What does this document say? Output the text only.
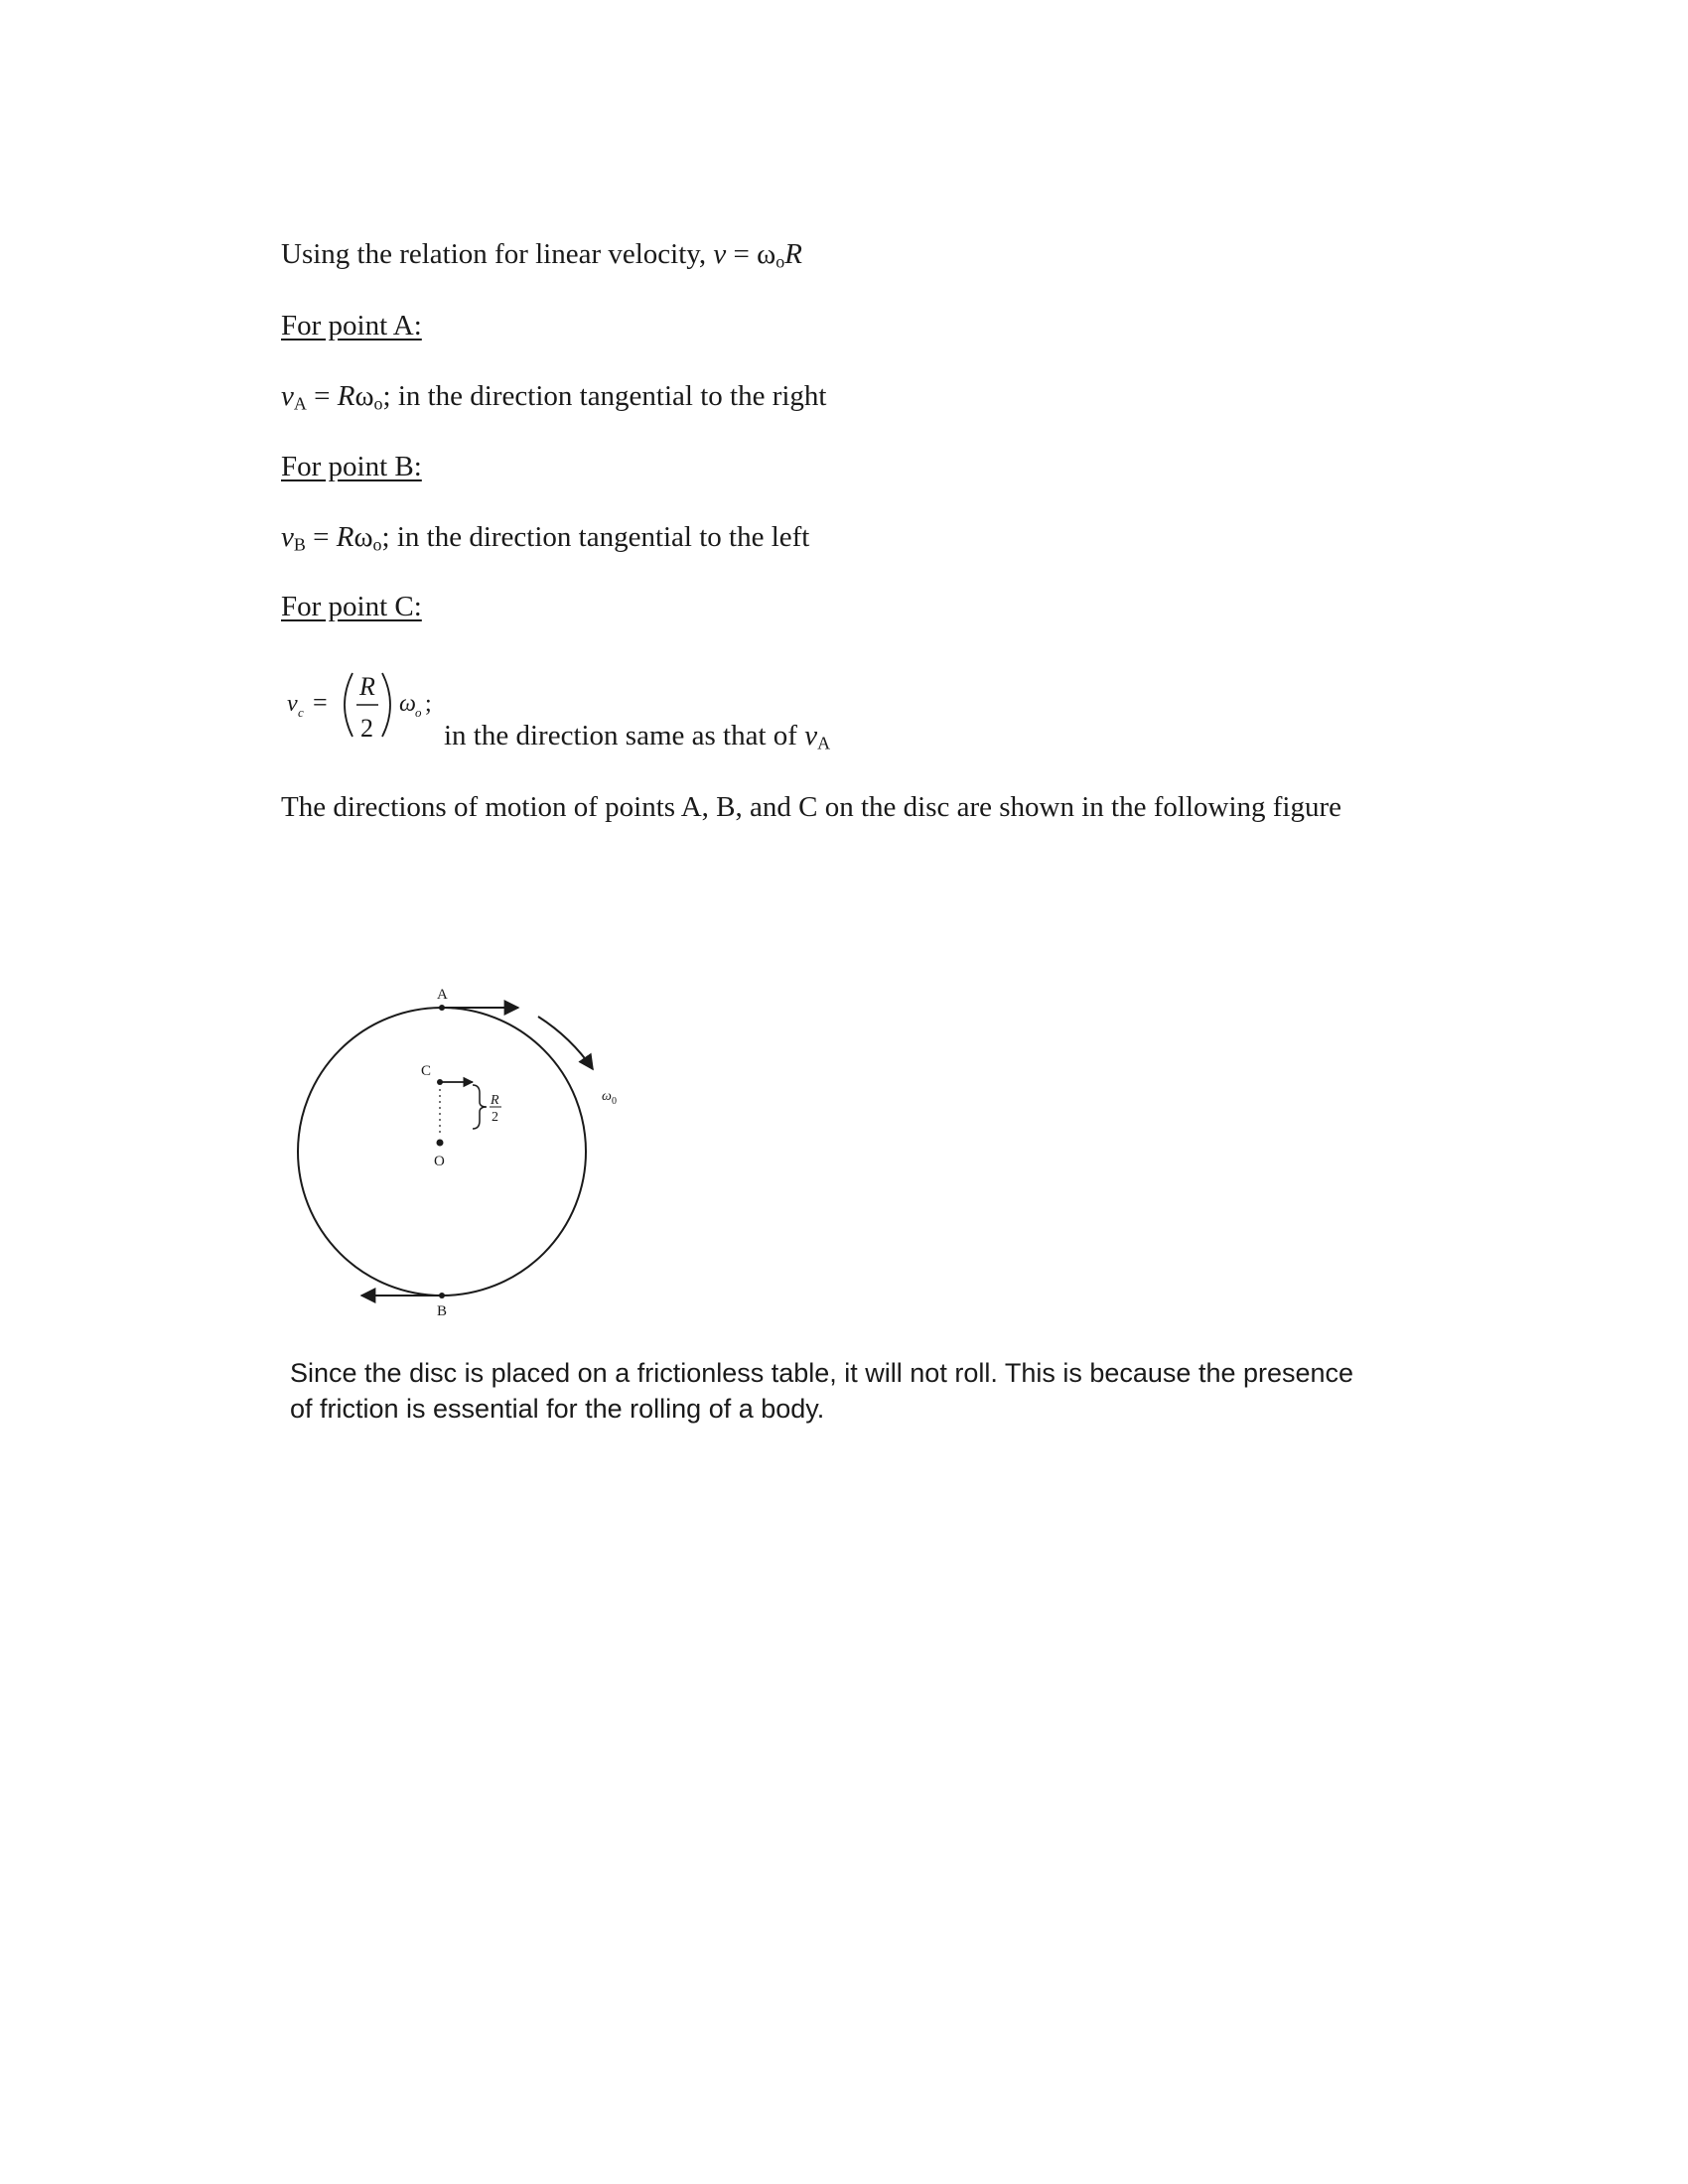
Using the relation for linear velocity, $v = \omega_oR$
For point A:
$v_A = R\omega_o$; in the direction tangential to the right
For point B:
$v_B = R\omega_o$; in the direction tangential to the left
For point C:
v c =
R
2
ω o ;
in the direction same as that of $v_A$
The directions of motion of points A, B, and C on the disc are shown in the following figure
A
B
C
O
R
2
ω 0
Since the disc is placed on a frictionless table, it will not roll. This is because the presence of friction is essential for the rolling of a body.
